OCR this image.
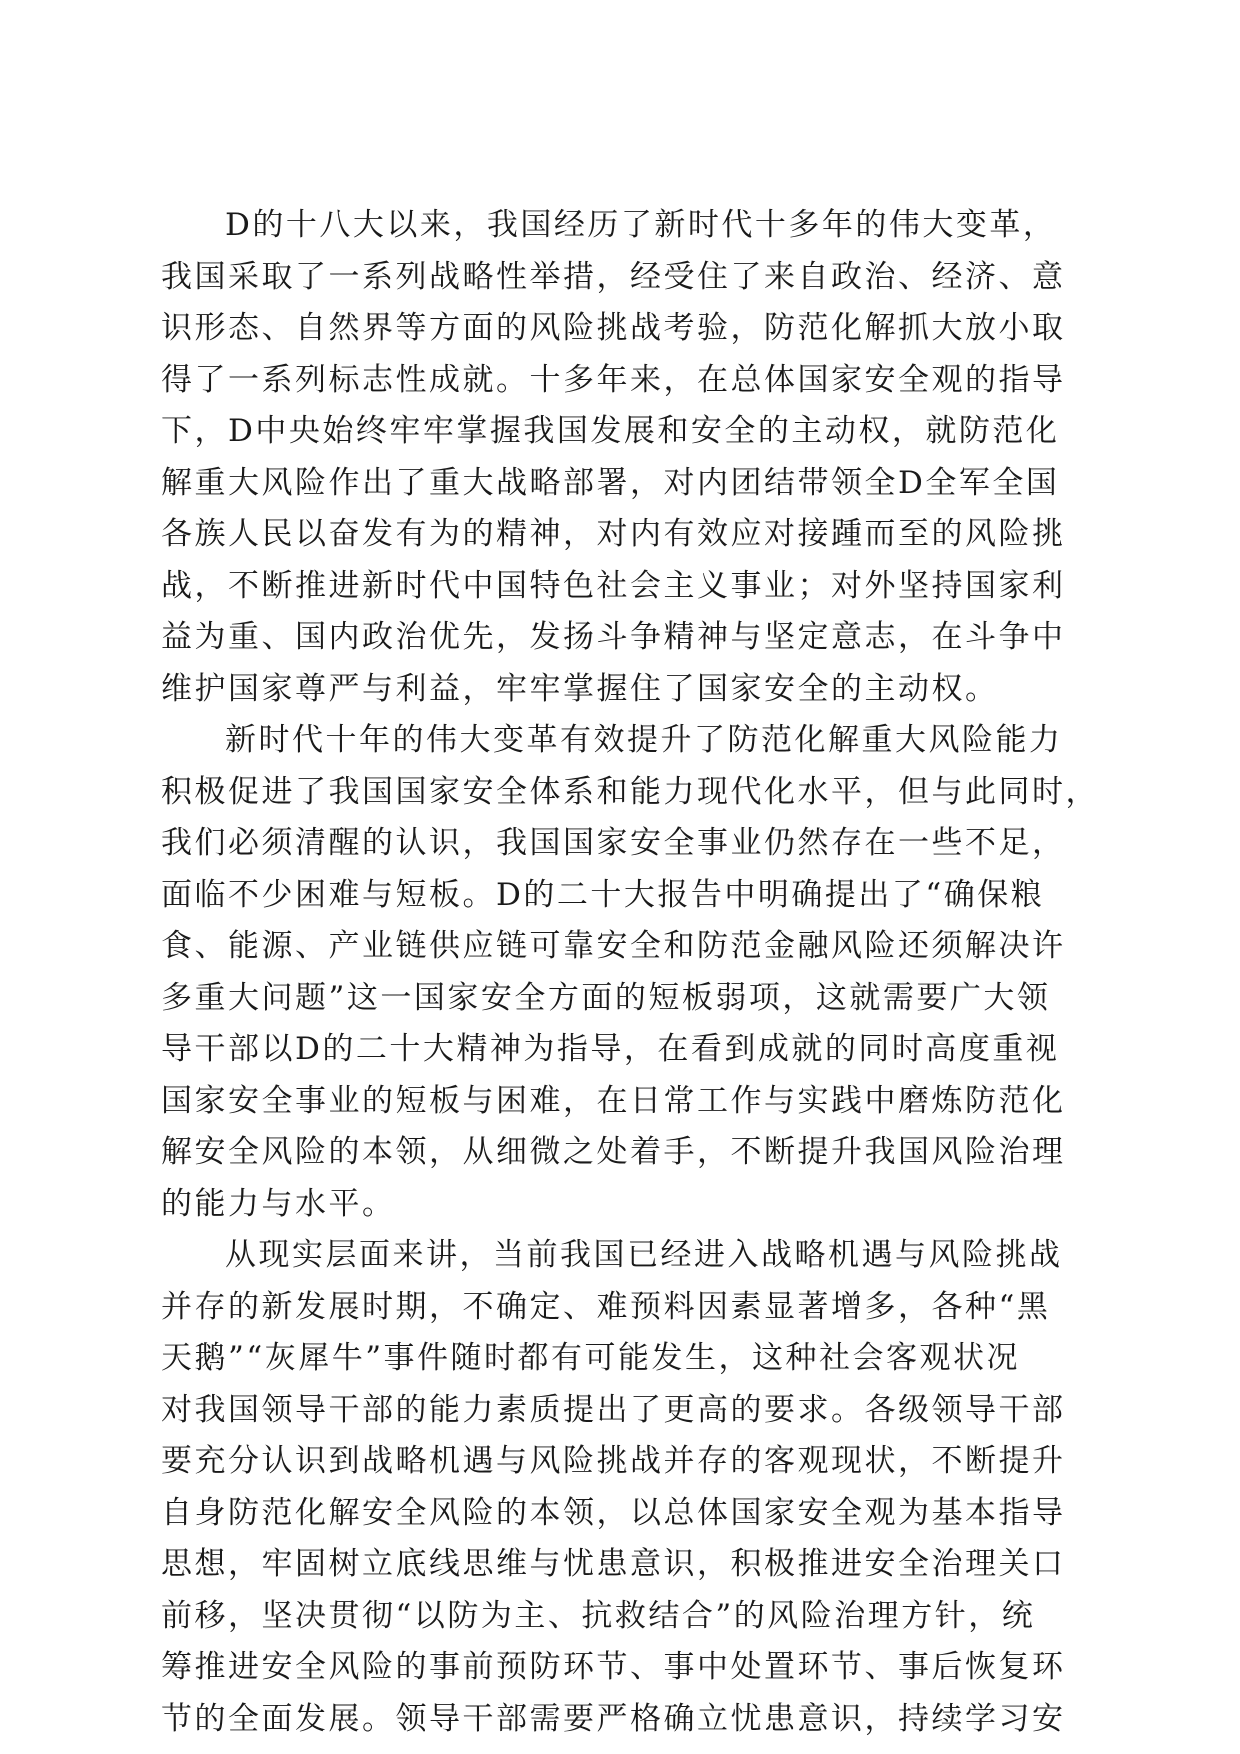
D的十八大以来，我国经历了新时代十多年的伟大变革，
我国采取了一系列战略性举措，经受住了来自政治、经济、意
识形态、自然界等方面的风险挑战考验，防范化解抓大放小取
得了一系列标志性成就。十多年来，在总体国家安全观的指导
下，D中央始终牢牢掌握我国发展和安全的主动权，就防范化
解重大风险作出了重大战略部署，对内团结带领全D全军全国
各族人民以奋发有为的精神，对内有效应对接踵而至的风险挑
战，不断推进新时代中国特色社会主义事业；对外坚持国家利
益为重、国内政治优先，发扬斗争精神与坚定意志，在斗争中
维护国家尊严与利益，牢牢掌握住了国家安全的主动权。
新时代十年的伟大变革有效提升了防范化解重大风险能力
积极促进了我国国家安全体系和能力现代化水平，但与此同时，
我们必须清醒的认识，我国国家安全事业仍然存在一些不足，
面临不少困难与短板。D的二十大报告中明确提出了“确保粮
食、能源、产业链供应链可靠安全和防范金融风险还须解决许
多重大问题”这一国家安全方面的短板弱项，这就需要广大领
导干部以D的二十大精神为指导，在看到成就的同时高度重视
国家安全事业的短板与困难，在日常工作与实践中磨炼防范化
解安全风险的本领，从细微之处着手，不断提升我国风险治理
的能力与水平。
从现实层面来讲，当前我国已经进入战略机遇与风险挑战
并存的新发展时期，不确定、难预料因素显著增多，各种“黑
天鹅”“灰犀牛”事件随时都有可能发生，这种社会客观状况
对我国领导干部的能力素质提出了更高的要求。各级领导干部
要充分认识到战略机遇与风险挑战并存的客观现状，不断提升
自身防范化解安全风险的本领，以总体国家安全观为基本指导
思想，牢固树立底线思维与忧患意识，积极推进安全治理关口
前移，坚决贯彻“以防为主、抗救结合”的风险治理方针，统
筹推进安全风险的事前预防环节、事中处置环节、事后恢复环
节的全面发展。领导干部需要严格确立忧患意识，持续学习安
